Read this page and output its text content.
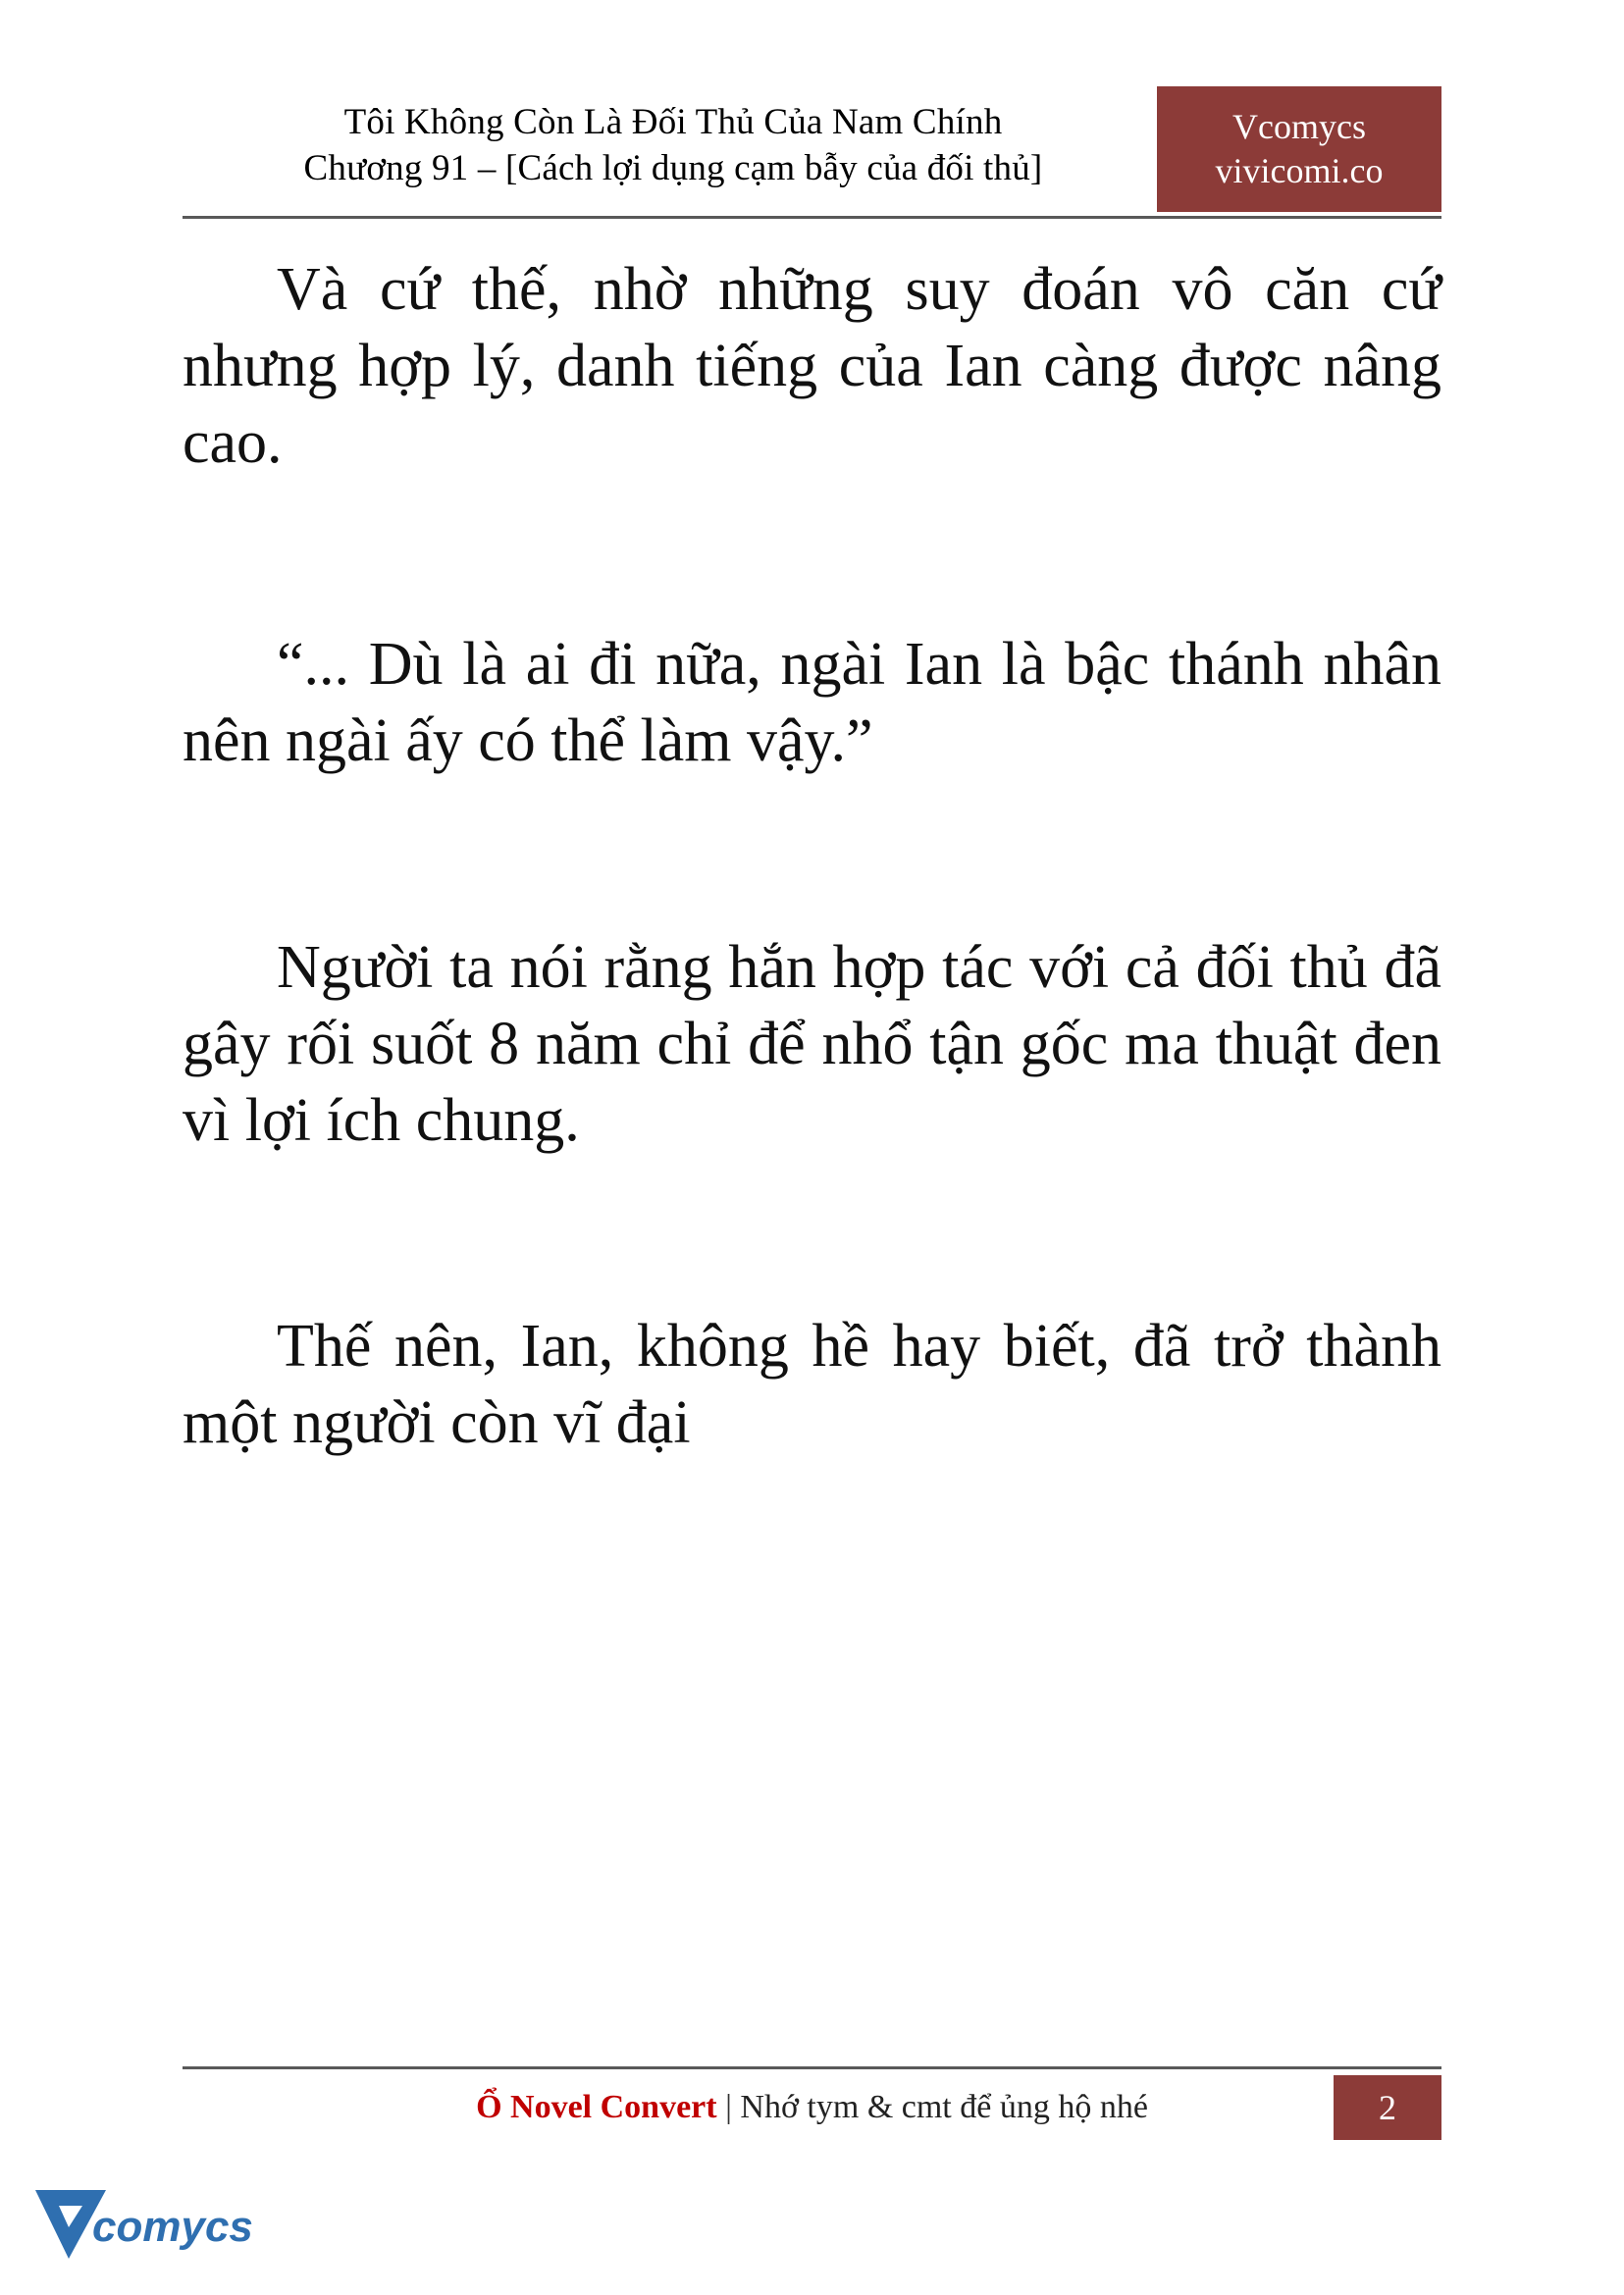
Tôi Không Còn Là Đối Thủ Của Nam Chính
Chương 91 – [Cách lợi dụng cạm bẫy của đối thủ]
Vcomycs
vivicomi.co

Và cứ thế, nhờ những suy đoán vô căn cứ nhưng hợp lý, danh tiếng của Ian càng được nâng cao.

“... Dù là ai đi nữa, ngài Ian là bậc thánh nhân nên ngài ấy có thể làm vậy.”

Người ta nói rằng hắn hợp tác với cả đối thủ đã gây rối suốt 8 năm chỉ để nhổ tận gốc ma thuật đen vì lợi ích chung.

Thế nên, Ian, không hề hay biết, đã trở thành một người còn vĩ đại

Ổ Novel Convert | Nhớ tym & cmt để ủng hộ nhé	2
comycs
